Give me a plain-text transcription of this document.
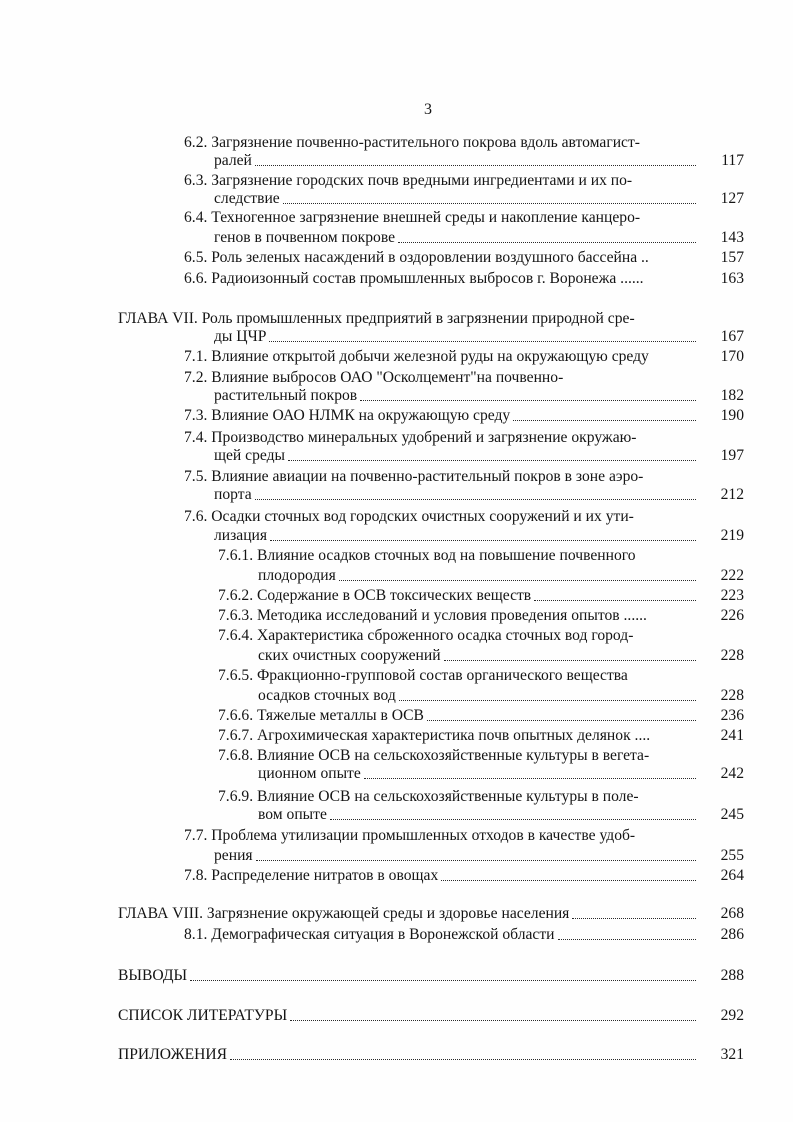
3
6.2. Загрязнение почвенно-растительного покрова вдоль автомагист-
ралей	117
6.3. Загрязнение городских почв вредными ингредиентами и их по-
следствие	127
6.4. Техногенное загрязнение внешней среды и накопление канцеро-
генов в почвенном покрове	143
6.5. Роль зеленых насаждений в оздоровлении воздушного бассейна ..	157
6.6. Радиоизонный состав промышленных выбросов г. Воронежа ......	163
ГЛАВА VII. Роль промышленных предприятий в загрязнении природной сре-
ды ЦЧР	167
7.1. Влияние открытой добычи железной руды на окружающую среду	170
7.2. Влияние выбросов ОАО "Осколцемент"на почвенно-
растительный покров	182
7.3. Влияние ОАО НЛМК на окружающую среду	190
7.4. Производство минеральных удобрений и загрязнение окружаю-
щей среды	197
7.5. Влияние авиации на почвенно-растительный покров в зоне аэро-
порта	212
7.6. Осадки сточных вод городских очистных сооружений и их ути-
лизация	219
7.6.1. Влияние осадков сточных вод на повышение почвенного
плодородия	222
7.6.2. Содержание в ОСВ токсических веществ	223
7.6.3. Методика исследований и условия проведения опытов ......	226
7.6.4. Характеристика сброженного осадка сточных вод город-
ских очистных сооружений	228
7.6.5. Фракционно-групповой состав органического вещества
осадков сточных вод	228
7.6.6. Тяжелые металлы в ОСВ	236
7.6.7. Агрохимическая характеристика почв опытных делянок ....	241
7.6.8. Влияние ОСВ на сельскохозяйственные культуры в вегета-
ционном опыте	242
7.6.9. Влияние ОСВ на сельскохозяйственные культуры в поле-
вом опыте	245
7.7. Проблема утилизации промышленных отходов в качестве удоб-
рения	255
7.8. Распределение нитратов в овощах	264
ГЛАВА VIII. Загрязнение окружающей среды и здоровье населения	268
8.1. Демографическая ситуация в Воронежской области	286
ВЫВОДЫ	288
СПИСОК ЛИТЕРАТУРЫ	292
ПРИЛОЖЕНИЯ	321
